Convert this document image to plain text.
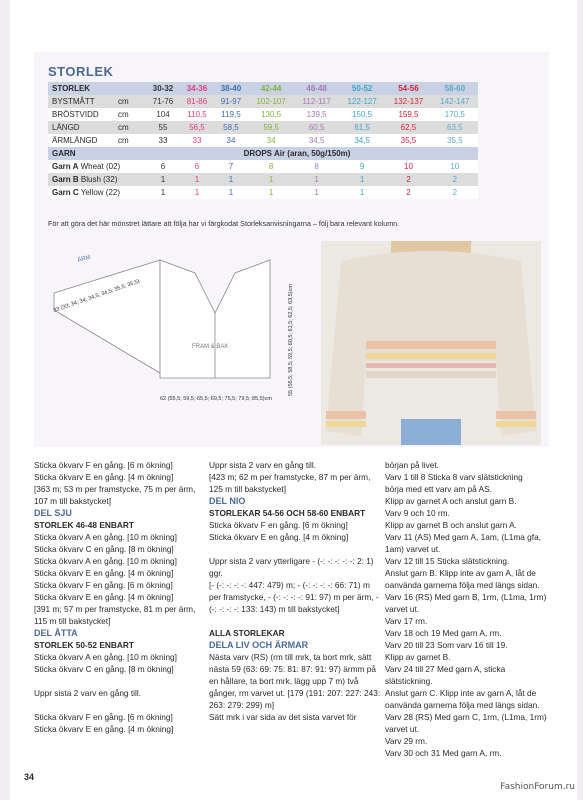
STORLEK
STORLEK		30-32	34-36	38-40	42-44	46-48	50-52	54-56	58-60
BYSTMÅTT	cm	71-76	81-86	91-97	102-107	112-117	122-127	132-137	142-147
BRÖSTVIDD	cm	104	110,5	119,5	130,5	139,5	150,5	159,5	170,5
LÄNGD	cm	55	56,5	58,5	59,5	60,5	61,5	62,5	63,5
ÄRMLÄNGD	cm	33	33	34	34	34,5	34,5	35,5	35,5
GARN	DROPS Air (aran, 50g/150m)								
Garn A Wheat (02)		6	6	7	8	8	9	10	10
Garn B Blush (32)		1	1	1	1	1	1	2	2
Garn C Yellow (22)		1	1	1	1	1	1	2	2
För att göra det här mönstret lättare att följa har vi färgkodat Storleksanvisningarna – följ bara relevant kolumn.
ÄRM
FRAM & BAK
33 (33; 34; 34; 34,5; 34,5; 35,5; 35,5)
62 (55,5; 59,5; 65,5; 69,5; 75,5; 79,5; 85,5)cm
55 (56,5; 58,5; 59,5; 60,5; 61,5; 62,5; 63,5)cm

Sticka ökvarv F en gång. [6 m ökning]

Sticka ökvarv E en gång. [4 m ökning]

[363 m; 53 m per framstycke, 75 m per ärm, 107 m till bakstycket]

DEL SJU

STORLEK 46-48 ENBART

Sticka ökvarv A en gång. [10 m ökning]

Sticka ökvarv C en gång. [8 m ökning]

Sticka ökvarv A en gång. [10 m ökning]

Sticka ökvarv E en gång. [4 m ökning]

Sticka ökvarv F en gång. [6 m ökning]

Sticka ökvarv E en gång. [4 m ökning]

[391 m; 57 m per framstycke, 81 m per ärm, 115 m till bakstycket]

DEL ÅTTA

STORLEK 50-52 ENBART

Sticka ökvarv A en gång. [10 m ökning]

Sticka ökvarv C en gång. [8 m ökning]

Uppr sista 2 varv en gång till.

Sticka ökvarv F en gång. [6 m ökning]

Sticka ökvarv E en gång. [4 m ökning]

Uppr sista 2 varv en gång till.

[423 m; 62 m per framstycke, 87 m per ärm, 125 m till bakstycket]

DEL NIO

STORLEKAR 54-56 OCH 58-60 ENBART

Sticka ökvarv F en gång. [6 m ökning]

Sticka ökvarv E en gång. [4 m ökning]

Uppr sista 2 varv ytterligare - (-: -: -: -: -: 2: 1) ggr.

[- (-: -: -: -: 447: 479) m; - (-: -: -: -: 66: 71) m per framstycke, - (-: -: -: -: 91: 97) m per ärm, - (-: -: -: -: 133: 143) m till bakstycket]

ALLA STORLEKAR

DELA LIV OCH ÄRMAR

Nästa varv (RS) (rm till mrk, ta bort mrk, sätt nästa 59 (63: 69: 75: 81: 87: 91: 97) ärmm på en hållare, ta bort mrk, lägg upp 7 m) två gånger, rm varvet ut. [179 (191: 207: 227: 243: 263: 279: 299) m]

Sätt mrk i var sida av det sista varvet för

början på livet.

Varv 1 till 8 Sticka 8 varv slätstickning

börja med ett varv am på AS.

Klipp av garnet A och anslut garn B.

Varv 9 och 10 rm.

Klipp av garnet B och anslut garn A.

Varv 11 (AS) Med garn A, 1am, (L1ma gfa, 1am) varvet ut.

Varv 12 till 15 Sticka slätstickning.

Anslut garn B. Klipp inte av garn A, låt de oanvända garnerna följa med längs sidan.

Varv 16 (RS) Med garn B, 1rm, (L1ma, 1rm) varvet ut.

Varv 17 rm.

Varv 18 och 19 Med garn A, rm.

Varv 20 till 23 Som varv 16 till 19.

Klipp av garnet B.

Varv 24 till 27 Med garn A, sticka slätstickning.

Anslut garn C. Klipp inte av garn A, låt de oanvända garnerna följa med längs sidan.

Varv 28 (RS) Med garn C, 1rm, (L1ma, 1rm) varvet ut.

Varv 29 rm.

Varv 30 och 31 Med garn A, rm.

34
FashionForum.ru
